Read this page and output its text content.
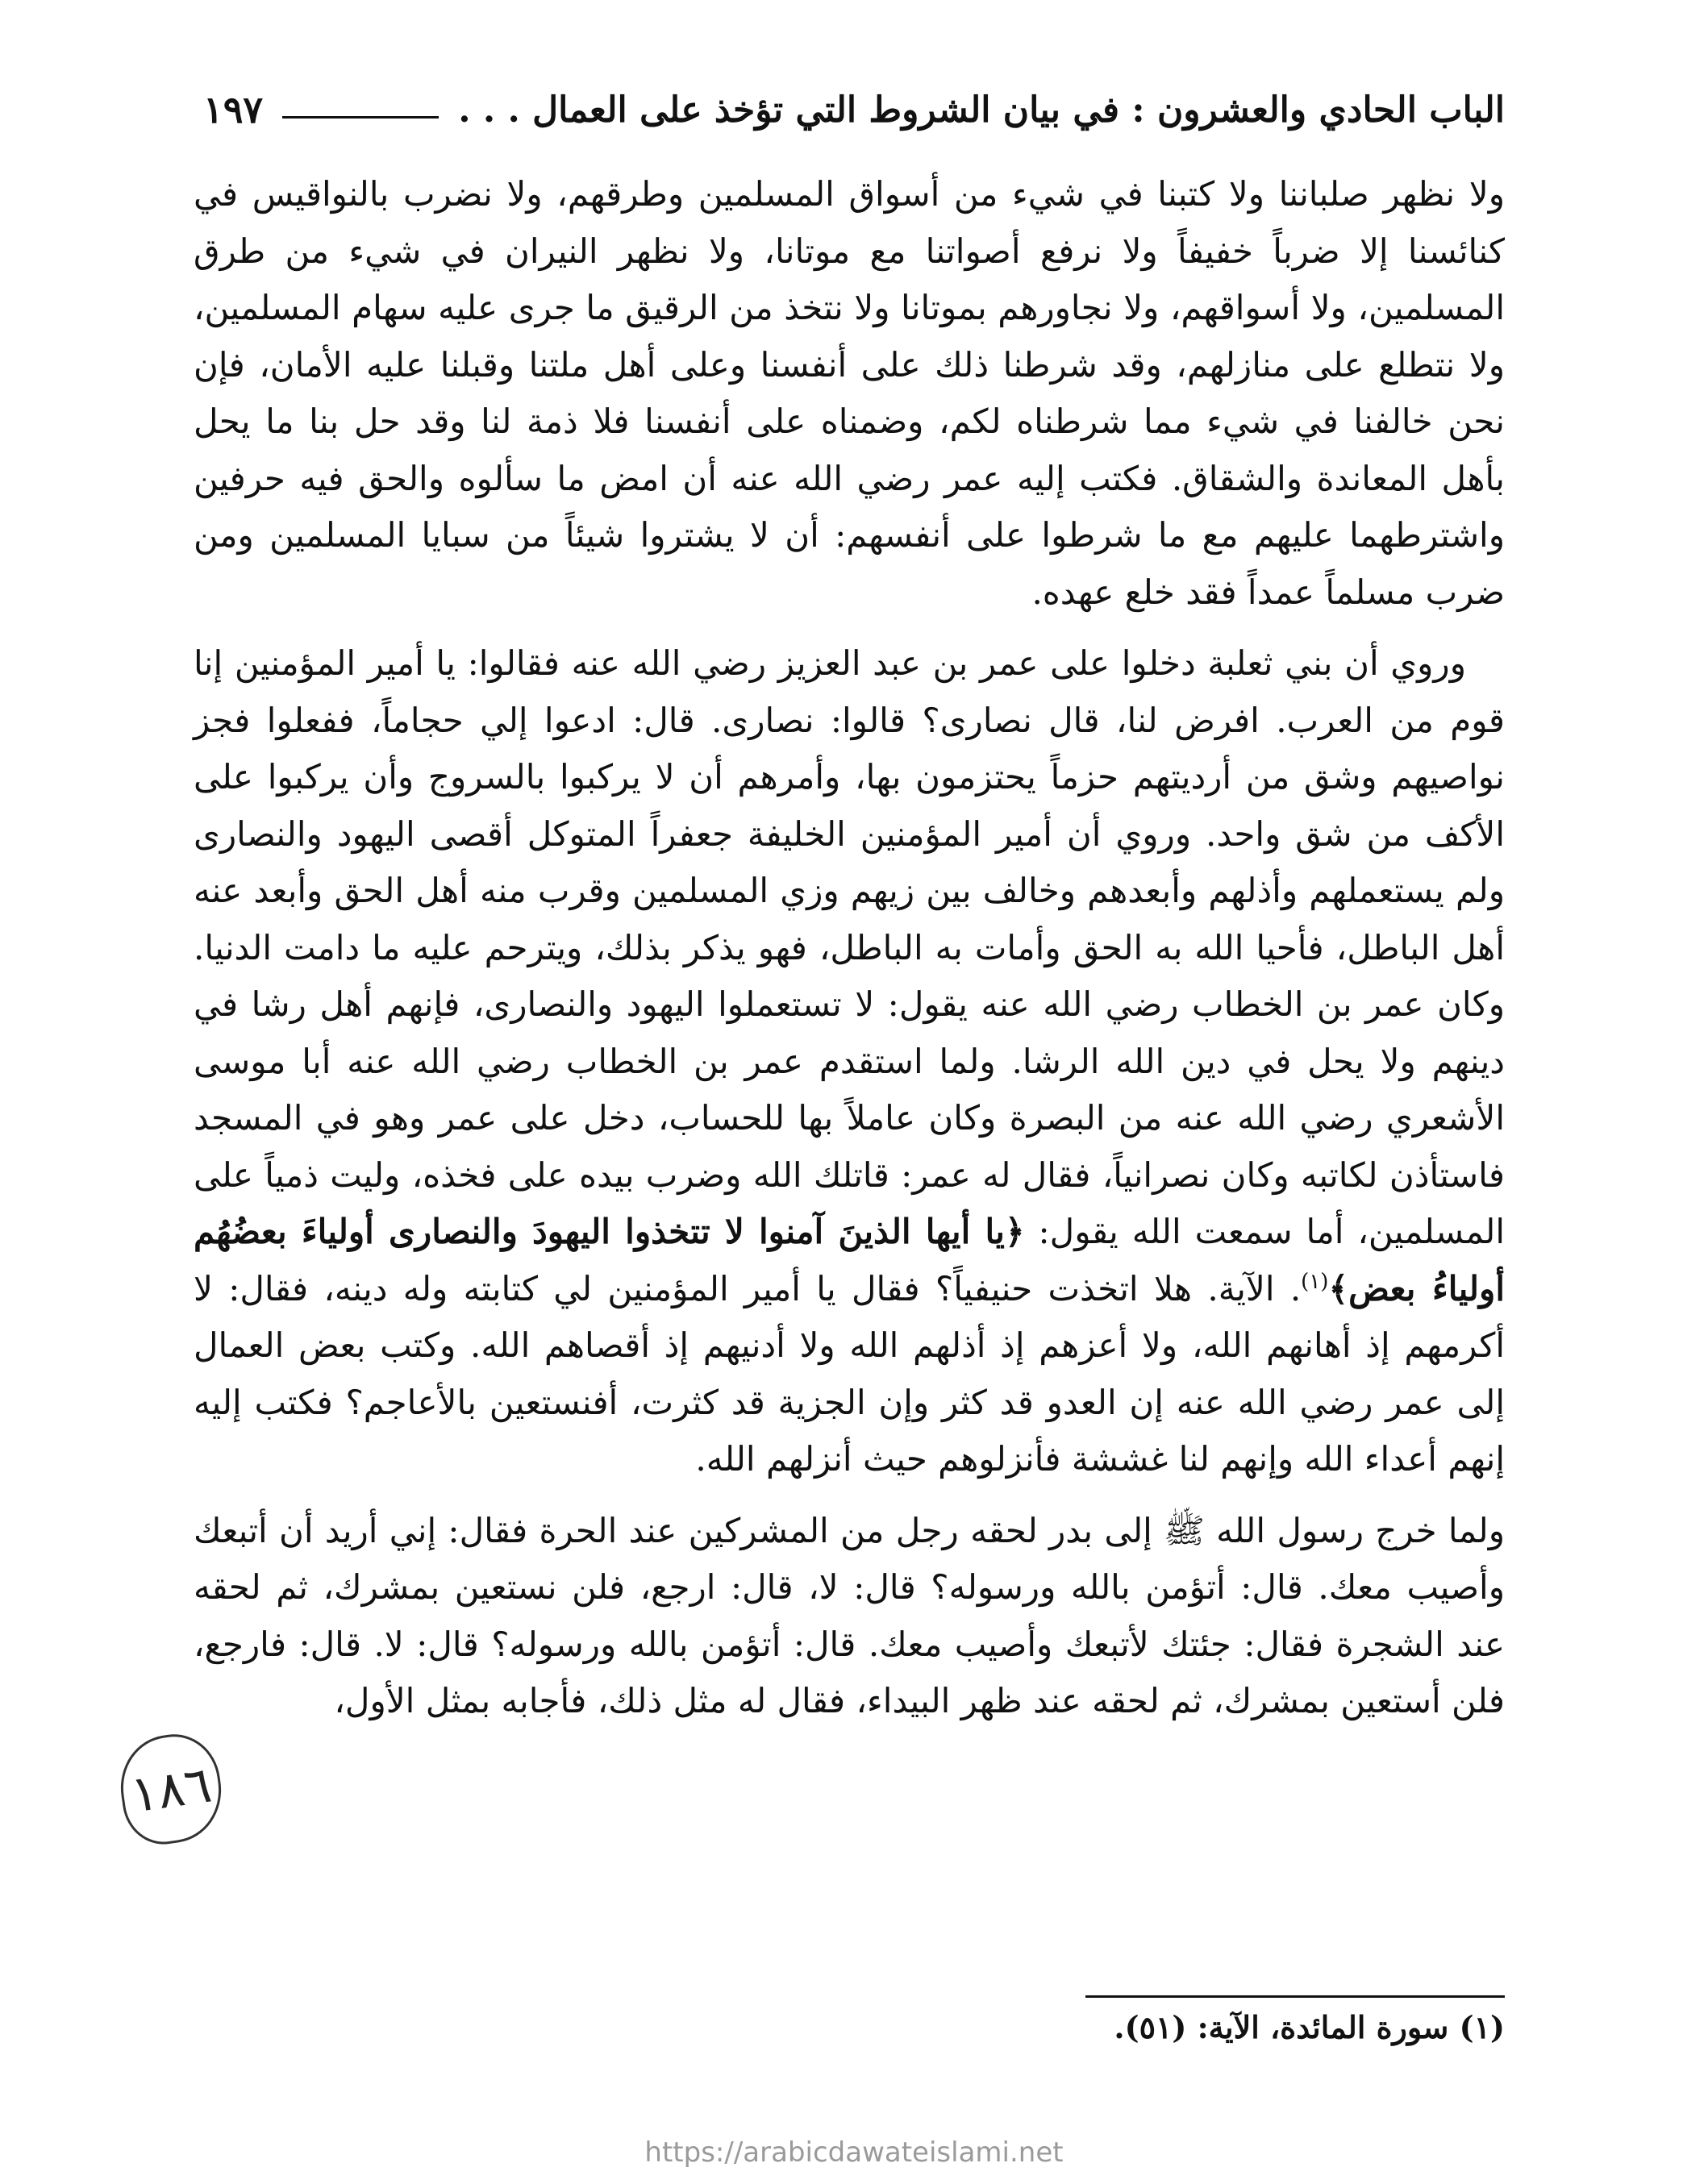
الباب الحادي والعشرون : في بيان الشروط التي تؤخذ على العمال . . .
١٩٧

ولا نظهر صلباننا ولا كتبنا في شيء من أسواق المسلمين وطرقهم، ولا نضرب بالنواقيس في كنائسنا إلا ضرباً خفيفاً ولا نرفع أصواتنا مع موتانا، ولا نظهر النيران في شيء من طرق المسلمين، ولا أسواقهم، ولا نجاورهم بموتانا ولا نتخذ من الرقيق ما جرى عليه سهام المسلمين، ولا نتطلع على منازلهم، وقد شرطنا ذلك على أنفسنا وعلى أهل ملتنا وقبلنا عليه الأمان، فإن نحن خالفنا في شيء مما شرطناه لكم، وضمناه على أنفسنا فلا ذمة لنا وقد حل بنا ما يحل بأهل المعاندة والشقاق. فكتب إليه عمر رضي الله عنه أن امض ما سألوه والحق فيه حرفين واشترطهما عليهم مع ما شرطوا على أنفسهم: أن لا يشتروا شيئاً من سبايا المسلمين ومن ضرب مسلماً عمداً فقد خلع عهده.

وروي أن بني ثعلبة دخلوا على عمر بن عبد العزيز رضي الله عنه فقالوا: يا أمير المؤمنين إنا قوم من العرب. افرض لنا، قال نصارى؟ قالوا: نصارى. قال: ادعوا إلي حجاماً، ففعلوا فجز نواصيهم وشق من أرديتهم حزماً يحتزمون بها، وأمرهم أن لا يركبوا بالسروج وأن يركبوا على الأكف من شق واحد. وروي أن أمير المؤمنين الخليفة جعفراً المتوكل أقصى اليهود والنصارى ولم يستعملهم وأذلهم وأبعدهم وخالف بين زيهم وزي المسلمين وقرب منه أهل الحق وأبعد عنه أهل الباطل، فأحيا الله به الحق وأمات به الباطل، فهو يذكر بذلك، ويترحم عليه ما دامت الدنيا. وكان عمر بن الخطاب رضي الله عنه يقول: لا تستعملوا اليهود والنصارى، فإنهم أهل رشا في دينهم ولا يحل في دين الله الرشا. ولما استقدم عمر بن الخطاب رضي الله عنه أبا موسى الأشعري رضي الله عنه من البصرة وكان عاملاً بها للحساب، دخل على عمر وهو في المسجد فاستأذن لكاتبه وكان نصرانياً، فقال له عمر: قاتلك الله وضرب بيده على فخذه، وليت ذمياً على المسلمين، أما سمعت الله يقول: ﴿يا أيها الذينَ آمنوا لا تتخذوا اليهودَ والنصارى أولياءَ بعضُهُم أولياءُ بعض﴾$^{(١)}$. الآية. هلا اتخذت حنيفياً؟ فقال يا أمير المؤمنين لي كتابته وله دينه، فقال: لا أكرمهم إذ أهانهم الله، ولا أعزهم إذ أذلهم الله ولا أدنيهم إذ أقصاهم الله. وكتب بعض العمال إلى عمر رضي الله عنه إن العدو قد كثر وإن الجزية قد كثرت، أفنستعين بالأعاجم؟ فكتب إليه إنهم أعداء الله وإنهم لنا غششة فأنزلوهم حيث أنزلهم الله.

ولما خرج رسول الله ﷺ إلى بدر لحقه رجل من المشركين عند الحرة فقال: إني أريد أن أتبعك وأصيب معك. قال: أتؤمن بالله ورسوله؟ قال: لا، قال: ارجع، فلن نستعين بمشرك، ثم لحقه عند الشجرة فقال: جئتك لأتبعك وأصيب معك. قال: أتؤمن بالله ورسوله؟ قال: لا. قال: فارجع، فلن أستعين بمشرك، ثم لحقه عند ظهر البيداء، فقال له مثل ذلك، فأجابه بمثل الأول،

١٨٦
(١) سورة المائدة، الآية: (٥١).
https://arabicdawateislami.net
